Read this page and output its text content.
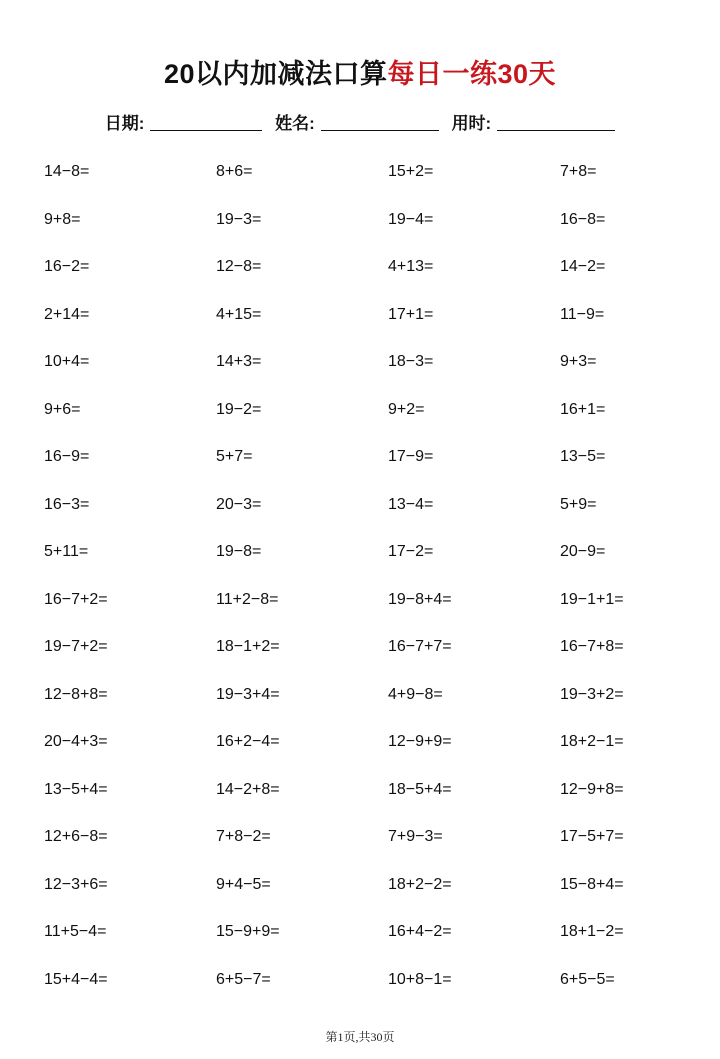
20以内加减法口算每日一练30天
日期:	姓名:	用时:
14−8=	8+6=	15+2=	7+8=
9+8=	19−3=	19−4=	16−8=
16−2=	12−8=	4+13=	14−2=
2+14=	4+15=	17+1=	11−9=
10+4=	14+3=	18−3=	9+3=
9+6=	19−2=	9+2=	16+1=
16−9=	5+7=	17−9=	13−5=
16−3=	20−3=	13−4=	5+9=
5+11=	19−8=	17−2=	20−9=
16−7+2=	11+2−8=	19−8+4=	19−1+1=
19−7+2=	18−1+2=	16−7+7=	16−7+8=
12−8+8=	19−3+4=	4+9−8=	19−3+2=
20−4+3=	16+2−4=	12−9+9=	18+2−1=
13−5+4=	14−2+8=	18−5+4=	12−9+8=
12+6−8=	7+8−2=	7+9−3=	17−5+7=
12−3+6=	9+4−5=	18+2−2=	15−8+4=
11+5−4=	15−9+9=	16+4−2=	18+1−2=
15+4−4=	6+5−7=	10+8−1=	6+5−5=
第1页,共30页
